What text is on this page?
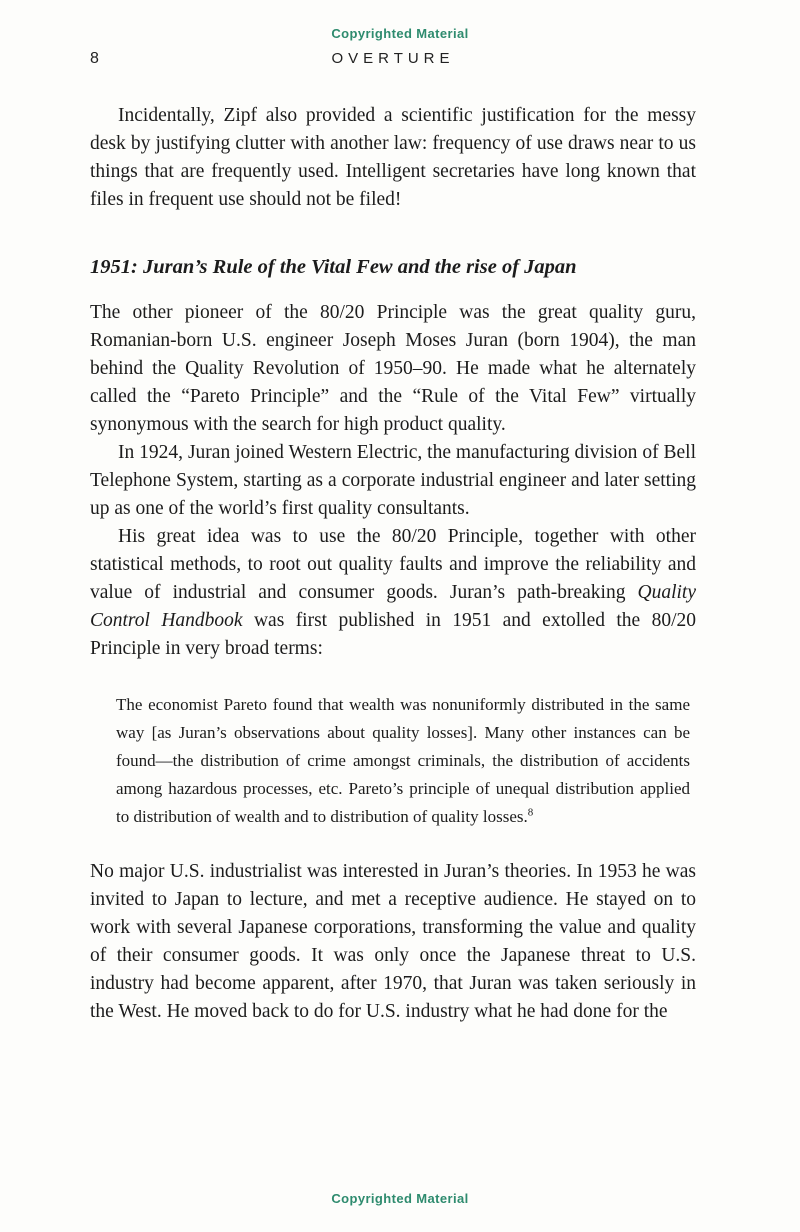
Copyrighted Material
8	OVERTURE

Incidentally, Zipf also provided a scientific justification for the messy desk by justifying clutter with another law: frequency of use draws near to us things that are frequently used. Intelligent secretaries have long known that files in frequent use should not be filed!

1951: Juran’s Rule of the Vital Few and the rise of Japan

The other pioneer of the 80/20 Principle was the great quality guru, Romanian-born U.S. engineer Joseph Moses Juran (born 1904), the man behind the Quality Revolution of 1950–90. He made what he alternately called the “Pareto Principle” and the “Rule of the Vital Few” virtually synonymous with the search for high product quality.

In 1924, Juran joined Western Electric, the manufacturing division of Bell Telephone System, starting as a corporate industrial engineer and later setting up as one of the world’s first quality consultants.

His great idea was to use the 80/20 Principle, together with other statistical methods, to root out quality faults and improve the reliability and value of industrial and consumer goods. Juran’s path-breaking Quality Control Handbook was first published in 1951 and extolled the 80/20 Principle in very broad terms:

The economist Pareto found that wealth was nonuniformly distributed in the same way [as Juran’s observations about quality losses]. Many other instances can be found—the distribution of crime amongst criminals, the distribution of accidents among hazardous processes, etc. Pareto’s principle of unequal distribution applied to distribution of wealth and to distribution of quality losses.$^8$

No major U.S. industrialist was interested in Juran’s theories. In 1953 he was invited to Japan to lecture, and met a receptive audience. He stayed on to work with several Japanese corporations, transforming the value and quality of their consumer goods. It was only once the Japanese threat to U.S. industry had become apparent, after 1970, that Juran was taken seriously in the West. He moved back to do for U.S. industry what he had done for the

Copyrighted Material
